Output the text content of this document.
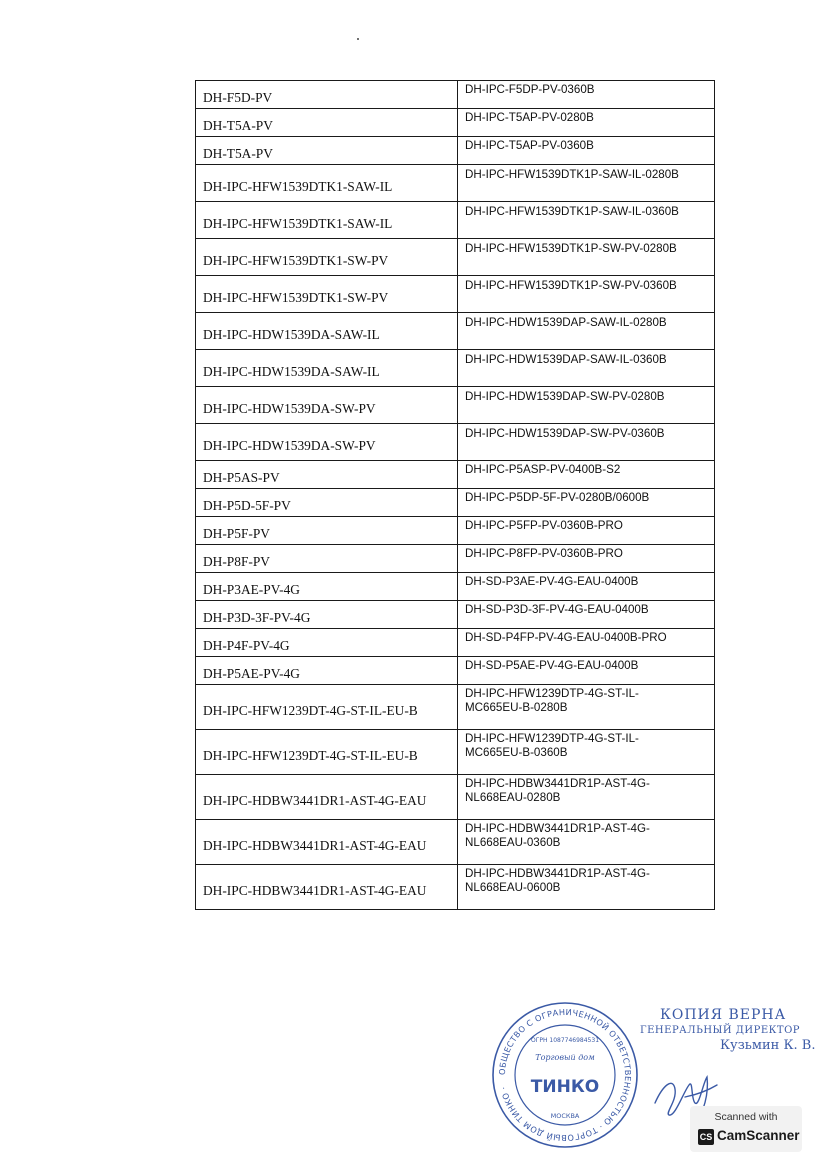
DH-F5D-PV	DH-IPC-F5DP-PV-0360B

DH-T5A-PV	DH-IPC-T5AP-PV-0280B

DH-T5A-PV	DH-IPC-T5AP-PV-0360B

DH-IPC-HFW1539DTK1-SAW-IL	DH-IPC-HFW1539DTK1P-SAW-IL-0280B

DH-IPC-HFW1539DTK1-SAW-IL	DH-IPC-HFW1539DTK1P-SAW-IL-0360B

DH-IPC-HFW1539DTK1-SW-PV	DH-IPC-HFW1539DTK1P-SW-PV-0280B

DH-IPC-HFW1539DTK1-SW-PV	DH-IPC-HFW1539DTK1P-SW-PV-0360B

DH-IPC-HDW1539DA-SAW-IL	DH-IPC-HDW1539DAP-SAW-IL-0280B

DH-IPC-HDW1539DA-SAW-IL	DH-IPC-HDW1539DAP-SAW-IL-0360B

DH-IPC-HDW1539DA-SW-PV	DH-IPC-HDW1539DAP-SW-PV-0280B

DH-IPC-HDW1539DA-SW-PV	DH-IPC-HDW1539DAP-SW-PV-0360B

DH-P5AS-PV	DH-IPC-P5ASP-PV-0400B-S2

DH-P5D-5F-PV	DH-IPC-P5DP-5F-PV-0280B/0600B

DH-P5F-PV	DH-IPC-P5FP-PV-0360B-PRO

DH-P8F-PV	DH-IPC-P8FP-PV-0360B-PRO

DH-P3AE-PV-4G	DH-SD-P3AE-PV-4G-EAU-0400B

DH-P3D-3F-PV-4G	DH-SD-P3D-3F-PV-4G-EAU-0400B

DH-P4F-PV-4G	DH-SD-P4FP-PV-4G-EAU-0400B-PRO

DH-P5AE-PV-4G	DH-SD-P5AE-PV-4G-EAU-0400B

DH-IPC-HFW1239DT-4G-ST-IL-EU-B	DH-IPC-HFW1239DTP-4G-ST-IL-
MC665EU-B-0280B

DH-IPC-HFW1239DT-4G-ST-IL-EU-B	DH-IPC-HFW1239DTP-4G-ST-IL-
MC665EU-B-0360B

DH-IPC-HDBW3441DR1-AST-4G-EAU	DH-IPC-HDBW3441DR1P-AST-4G-
NL668EAU-0280B

DH-IPC-HDBW3441DR1-AST-4G-EAU	DH-IPC-HDBW3441DR1P-AST-4G-
NL668EAU-0360B

DH-IPC-HDBW3441DR1-AST-4G-EAU	DH-IPC-HDBW3441DR1P-AST-4G-
NL668EAU-0600B
ОБЩЕСТВО С ОГРАНИЧЕННОЙ ОТВЕТСТВЕННОСТЬЮ · ТОРГОВЫЙ ДОМ ТИНКО ·
ОГРН 1087746984531
Торговый дом
ТИНКО
МОСКВА
КОПИЯ ВЕРНА
ГЕНЕРАЛЬНЫЙ ДИРЕКТОР
Кузьмин К. В.
Scanned with
CS CamScanner
